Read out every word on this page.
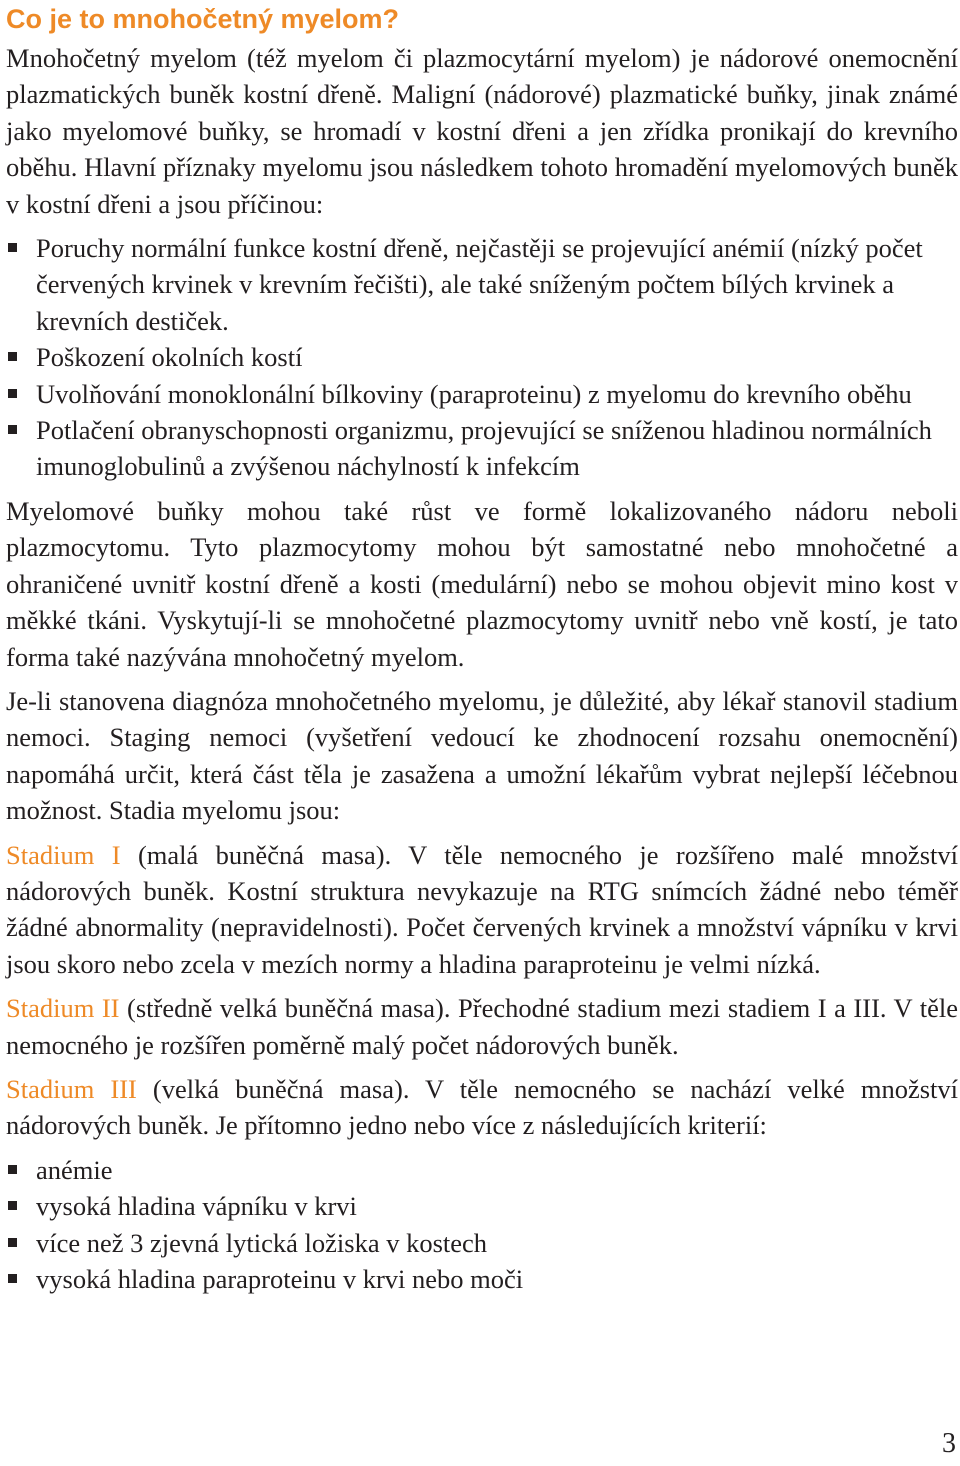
Co je to mnohočetný myelom?

Mnohočetný myelom (též myelom či plazmocytární myelom) je nádorové onemocnění plazmatických buněk kostní dřeně. Maligní (nádorové) plazmatické buňky, jinak známé jako myelomové buňky, se hromadí v kostní dřeni a jen zřídka pronikají do krevního oběhu. Hlavní příznaky myelomu jsou následkem tohoto hromadění myelomových buněk v kostní dřeni a jsou příčinou:

Poruchy normální funkce kostní dřeně, nejčastěji se projevující anémií (nízký počet červených krvinek v krevním řečišti), ale také sníženým počtem bílých krvinek a krevních destiček.
Poškození okolních kostí
Uvolňování monoklonální bílkoviny (paraproteinu) z myelomu do krevního oběhu
Potlačení obranyschopnosti organizmu, projevující se sníženou hladinou normálních imunoglobulinů a zvýšenou náchylností k infekcím

Myelomové buňky mohou také růst ve formě lokalizovaného nádoru neboli plazmocytomu. Tyto plazmocytomy mohou být samostatné nebo mnohočetné a ohraničené uvnitř kostní dřeně a kosti (medulární) nebo se mohou objevit mino kost v měkké tkáni. Vyskytují-li se mnohočetné plazmocytomy uvnitř nebo vně kostí, je tato forma také nazývána mnohočetný myelom.

Je-li stanovena diagnóza mnohočetného myelomu, je důležité, aby lékař stanovil stadium nemoci. Staging nemoci (vyšetření vedoucí ke zhodnocení rozsahu onemocnění) napomáhá určit, která část těla je zasažena a umožní lékařům vybrat nejlepší léčebnou možnost. Stadia myelomu jsou:

Stadium I (malá buněčná masa). V těle nemocného je rozšířeno malé množství nádorových buněk. Kostní struktura nevykazuje na RTG snímcích žádné nebo téměř žádné abnormality (nepravidelnosti). Počet červených krvinek a množství vápníku v krvi jsou skoro nebo zcela v mezích normy a hladina paraproteinu je velmi nízká.

Stadium II (středně velká buněčná masa). Přechodné stadium mezi stadiem I a III. V těle nemocného je rozšířen poměrně malý počet nádorových buněk.

Stadium III (velká buněčná masa). V těle nemocného se nachází velké množství nádorových buněk. Je přítomno jedno nebo více z následujících kriterií:

anémie
vysoká hladina vápníku v krvi
více než 3 zjevná lytická ložiska v kostech
vysoká hladina paraproteinu v krvi nebo moči
3
